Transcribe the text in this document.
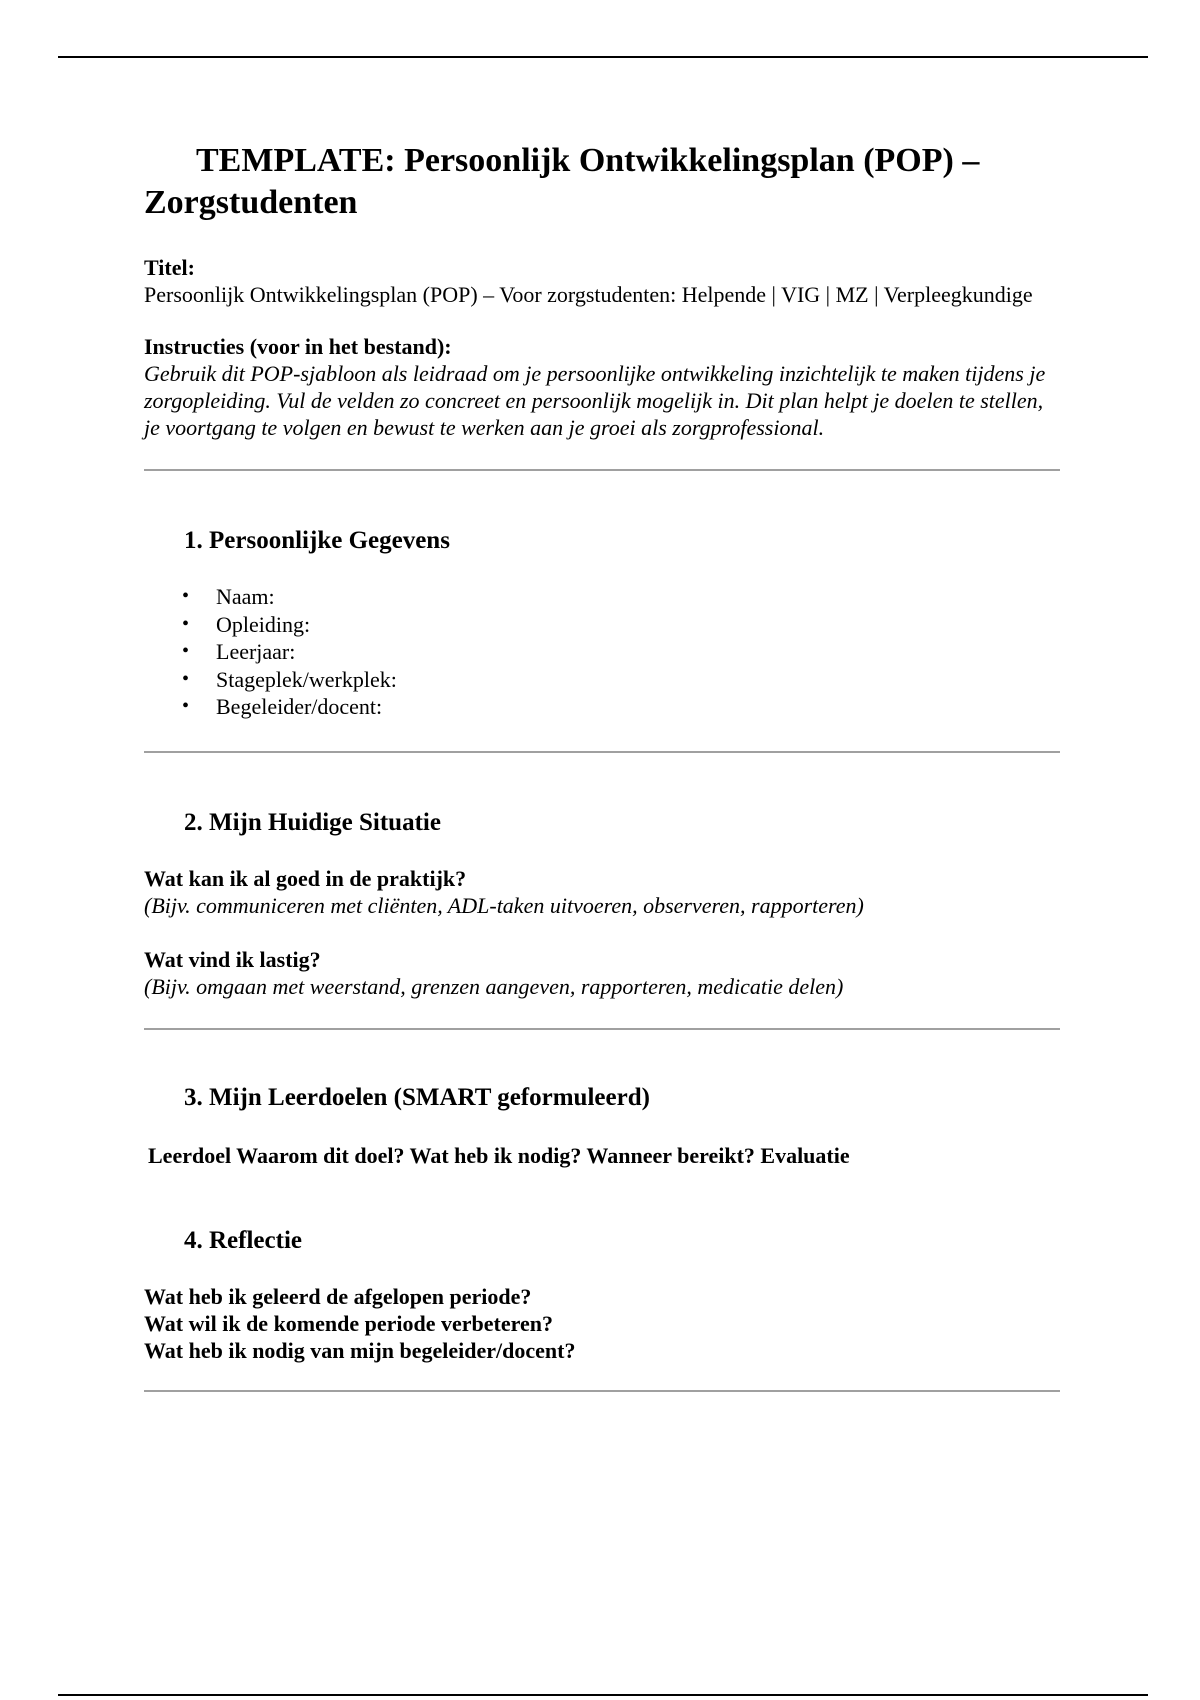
TEMPLATE: Persoonlijk Ontwikkelingsplan (POP) – Zorgstudenten
Titel:
Persoonlijk Ontwikkelingsplan (POP) – Voor zorgstudenten: Helpende | VIG | MZ | Verpleegkundige
Instructies (voor in het bestand):
Gebruik dit POP-sjabloon als leidraad om je persoonlijke ontwikkeling inzichtelijk te maken tijdens je zorgopleiding. Vul de velden zo concreet en persoonlijk mogelijk in. Dit plan helpt je doelen te stellen, je voortgang te volgen en bewust te werken aan je groei als zorgprofessional.
1. Persoonlijke Gegevens
• Naam:
• Opleiding:
• Leerjaar:
• Stageplek/werkplek:
• Begeleider/docent:
2. Mijn Huidige Situatie
Wat kan ik al goed in de praktijk?
(Bijv. communiceren met cliënten, ADL-taken uitvoeren, observeren, rapporteren)
Wat vind ik lastig?
(Bijv. omgaan met weerstand, grenzen aangeven, rapporteren, medicatie delen)
3. Mijn Leerdoelen (SMART geformuleerd)
Leerdoel Waarom dit doel? Wat heb ik nodig? Wanneer bereikt? Evaluatie
4. Reflectie
Wat heb ik geleerd de afgelopen periode?
Wat wil ik de komende periode verbeteren?
Wat heb ik nodig van mijn begeleider/docent?
